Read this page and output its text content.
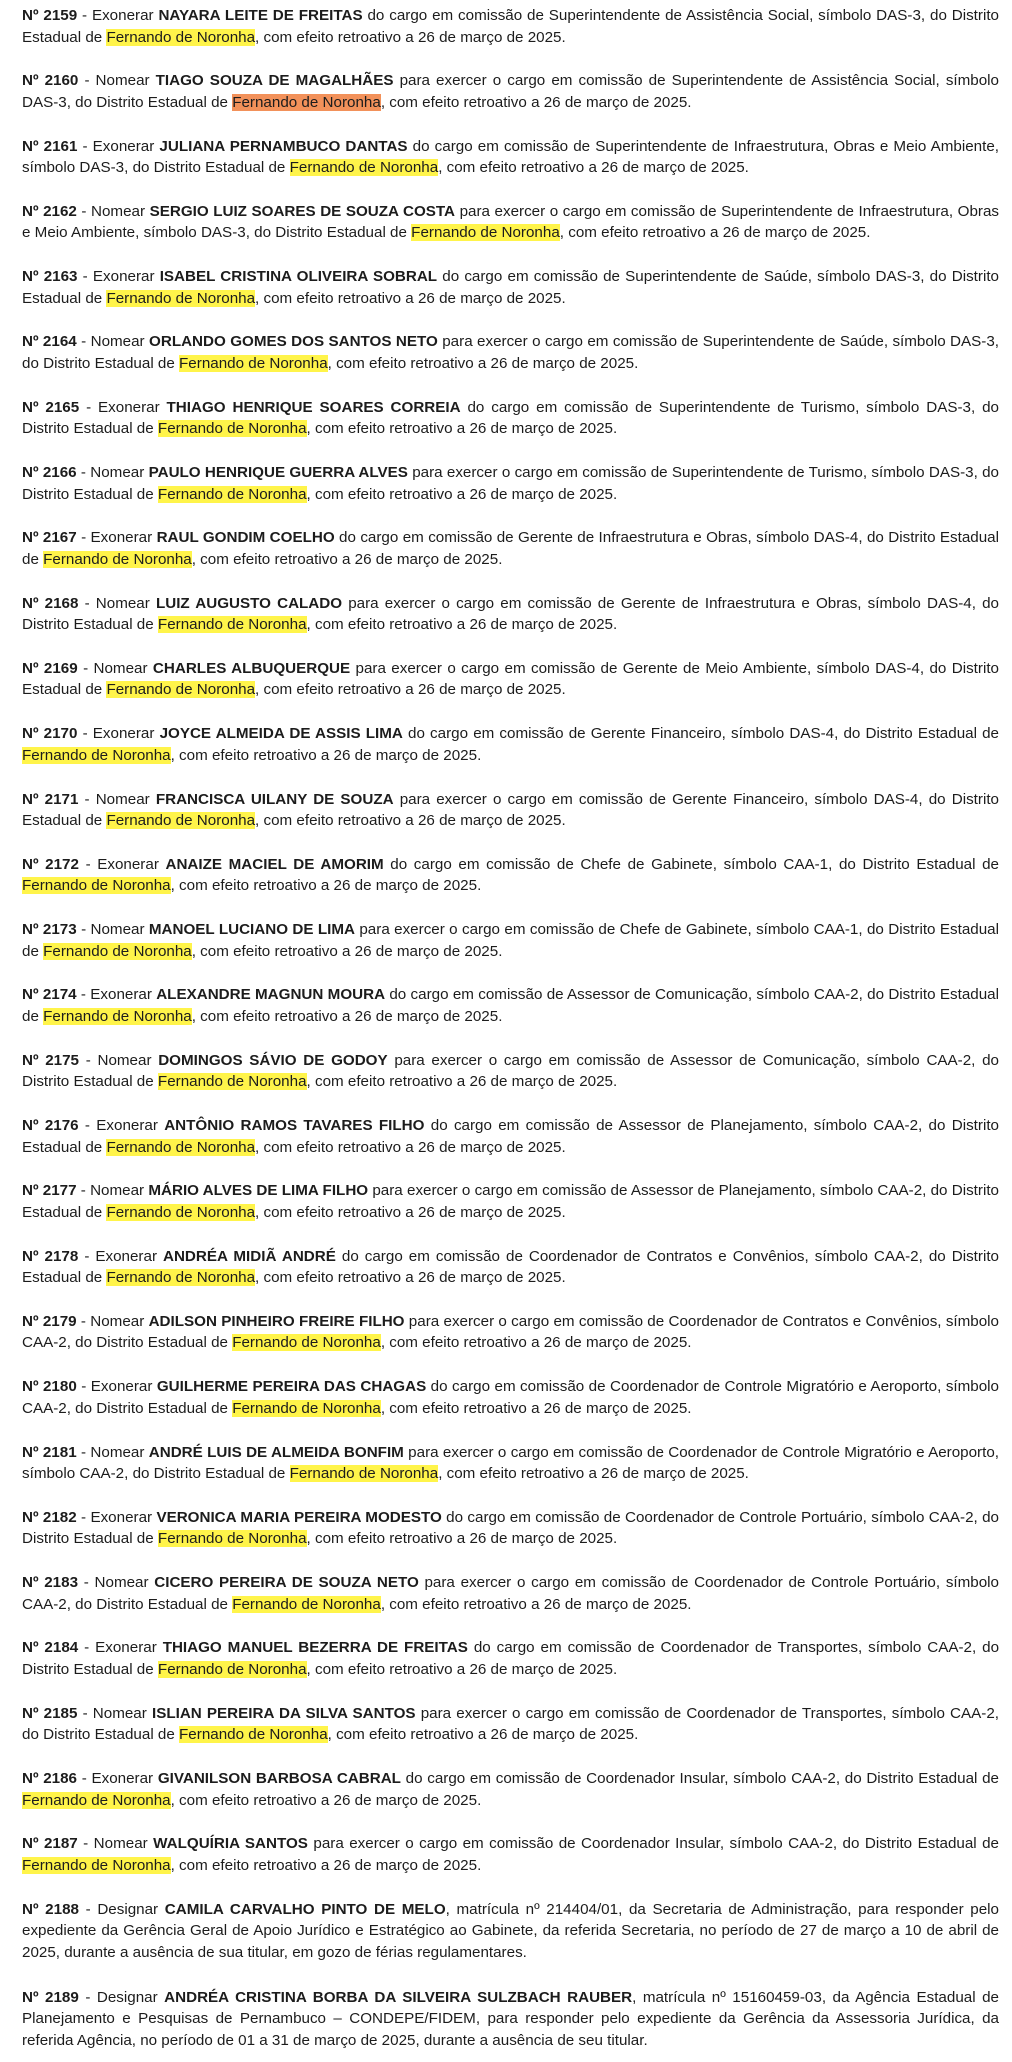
Nº 2159 - Exonerar NAYARA LEITE DE FREITAS do cargo em comissão de Superintendente de Assistência Social, símbolo DAS-3, do Distrito Estadual de Fernando de Noronha, com efeito retroativo a 26 de março de 2025.

Nº 2160 - Nomear TIAGO SOUZA DE MAGALHÃES para exercer o cargo em comissão de Superintendente de Assistência Social, símbolo DAS-3, do Distrito Estadual de Fernando de Noronha, com efeito retroativo a 26 de março de 2025.

Nº 2161 - Exonerar JULIANA PERNAMBUCO DANTAS do cargo em comissão de Superintendente de Infraestrutura, Obras e Meio Ambiente, símbolo DAS-3, do Distrito Estadual de Fernando de Noronha, com efeito retroativo a 26 de março de 2025.

Nº 2162 - Nomear SERGIO LUIZ SOARES DE SOUZA COSTA para exercer o cargo em comissão de Superintendente de Infraestrutura, Obras e Meio Ambiente, símbolo DAS-3, do Distrito Estadual de Fernando de Noronha, com efeito retroativo a 26 de março de 2025.

Nº 2163 - Exonerar ISABEL CRISTINA OLIVEIRA SOBRAL do cargo em comissão de Superintendente de Saúde, símbolo DAS-3, do Distrito Estadual de Fernando de Noronha, com efeito retroativo a 26 de março de 2025.

Nº 2164 - Nomear ORLANDO GOMES DOS SANTOS NETO para exercer o cargo em comissão de Superintendente de Saúde, símbolo DAS-3, do Distrito Estadual de Fernando de Noronha, com efeito retroativo a 26 de março de 2025.

Nº 2165 - Exonerar THIAGO HENRIQUE SOARES CORREIA do cargo em comissão de Superintendente de Turismo, símbolo DAS-3, do Distrito Estadual de Fernando de Noronha, com efeito retroativo a 26 de março de 2025.

Nº 2166 - Nomear PAULO HENRIQUE GUERRA ALVES para exercer o cargo em comissão de Superintendente de Turismo, símbolo DAS-3, do Distrito Estadual de Fernando de Noronha, com efeito retroativo a 26 de março de 2025.

Nº 2167 - Exonerar RAUL GONDIM COELHO do cargo em comissão de Gerente de Infraestrutura e Obras, símbolo DAS-4, do Distrito Estadual de Fernando de Noronha, com efeito retroativo a 26 de março de 2025.

Nº 2168 - Nomear LUIZ AUGUSTO CALADO para exercer o cargo em comissão de Gerente de Infraestrutura e Obras, símbolo DAS-4, do Distrito Estadual de Fernando de Noronha, com efeito retroativo a 26 de março de 2025.

Nº 2169 - Nomear CHARLES ALBUQUERQUE para exercer o cargo em comissão de Gerente de Meio Ambiente, símbolo DAS-4, do Distrito Estadual de Fernando de Noronha, com efeito retroativo a 26 de março de 2025.

Nº 2170 - Exonerar JOYCE ALMEIDA DE ASSIS LIMA do cargo em comissão de Gerente Financeiro, símbolo DAS-4, do Distrito Estadual de Fernando de Noronha, com efeito retroativo a 26 de março de 2025.

Nº 2171 - Nomear FRANCISCA UILANY DE SOUZA para exercer o cargo em comissão de Gerente Financeiro, símbolo DAS-4, do Distrito Estadual de Fernando de Noronha, com efeito retroativo a 26 de março de 2025.

Nº 2172 - Exonerar ANAIZE MACIEL DE AMORIM do cargo em comissão de Chefe de Gabinete, símbolo CAA-1, do Distrito Estadual de Fernando de Noronha, com efeito retroativo a 26 de março de 2025.

Nº 2173 - Nomear MANOEL LUCIANO DE LIMA para exercer o cargo em comissão de Chefe de Gabinete, símbolo CAA-1, do Distrito Estadual de Fernando de Noronha, com efeito retroativo a 26 de março de 2025.

Nº 2174 - Exonerar ALEXANDRE MAGNUN MOURA do cargo em comissão de Assessor de Comunicação, símbolo CAA-2, do Distrito Estadual de Fernando de Noronha, com efeito retroativo a 26 de março de 2025.

Nº 2175 - Nomear DOMINGOS SÁVIO DE GODOY para exercer o cargo em comissão de Assessor de Comunicação, símbolo CAA-2, do Distrito Estadual de Fernando de Noronha, com efeito retroativo a 26 de março de 2025.

Nº 2176 - Exonerar ANTÔNIO RAMOS TAVARES FILHO do cargo em comissão de Assessor de Planejamento, símbolo CAA-2, do Distrito Estadual de Fernando de Noronha, com efeito retroativo a 26 de março de 2025.

Nº 2177 - Nomear MÁRIO ALVES DE LIMA FILHO para exercer o cargo em comissão de Assessor de Planejamento, símbolo CAA-2, do Distrito Estadual de Fernando de Noronha, com efeito retroativo a 26 de março de 2025.

Nº 2178 - Exonerar ANDRÉA MIDIÃ ANDRÉ do cargo em comissão de Coordenador de Contratos e Convênios, símbolo CAA-2, do Distrito Estadual de Fernando de Noronha, com efeito retroativo a 26 de março de 2025.

Nº 2179 - Nomear ADILSON PINHEIRO FREIRE FILHO para exercer o cargo em comissão de Coordenador de Contratos e Convênios, símbolo CAA-2, do Distrito Estadual de Fernando de Noronha, com efeito retroativo a 26 de março de 2025.

Nº 2180 - Exonerar GUILHERME PEREIRA DAS CHAGAS do cargo em comissão de Coordenador de Controle Migratório e Aeroporto, símbolo CAA-2, do Distrito Estadual de Fernando de Noronha, com efeito retroativo a 26 de março de 2025.

Nº 2181 - Nomear ANDRÉ LUIS DE ALMEIDA BONFIM para exercer o cargo em comissão de Coordenador de Controle Migratório e Aeroporto, símbolo CAA-2, do Distrito Estadual de Fernando de Noronha, com efeito retroativo a 26 de março de 2025.

Nº 2182 - Exonerar VERONICA MARIA PEREIRA MODESTO do cargo em comissão de Coordenador de Controle Portuário, símbolo CAA-2, do Distrito Estadual de Fernando de Noronha, com efeito retroativo a 26 de março de 2025.

Nº 2183 - Nomear CICERO PEREIRA DE SOUZA NETO para exercer o cargo em comissão de Coordenador de Controle Portuário, símbolo CAA-2, do Distrito Estadual de Fernando de Noronha, com efeito retroativo a 26 de março de 2025.

Nº 2184 - Exonerar THIAGO MANUEL BEZERRA DE FREITAS do cargo em comissão de Coordenador de Transportes, símbolo CAA-2, do Distrito Estadual de Fernando de Noronha, com efeito retroativo a 26 de março de 2025.

Nº 2185 - Nomear ISLIAN PEREIRA DA SILVA SANTOS para exercer o cargo em comissão de Coordenador de Transportes, símbolo CAA-2, do Distrito Estadual de Fernando de Noronha, com efeito retroativo a 26 de março de 2025.

Nº 2186 - Exonerar GIVANILSON BARBOSA CABRAL do cargo em comissão de Coordenador Insular, símbolo CAA-2, do Distrito Estadual de Fernando de Noronha, com efeito retroativo a 26 de março de 2025.

Nº 2187 - Nomear WALQUÍRIA SANTOS para exercer o cargo em comissão de Coordenador Insular, símbolo CAA-2, do Distrito Estadual de Fernando de Noronha, com efeito retroativo a 26 de março de 2025.

Nº 2188 - Designar CAMILA CARVALHO PINTO DE MELO, matrícula nº 214404/01, da Secretaria de Administração, para responder pelo expediente da Gerência Geral de Apoio Jurídico e Estratégico ao Gabinete, da referida Secretaria, no período de 27 de março a 10 de abril de 2025, durante a ausência de sua titular, em gozo de férias regulamentares.

Nº 2189 - Designar ANDRÉA CRISTINA BORBA DA SILVEIRA SULZBACH RAUBER, matrícula nº 15160459-03, da Agência Estadual de Planejamento e Pesquisas de Pernambuco – CONDEPE/FIDEM, para responder pelo expediente da Gerência da Assessoria Jurídica, da referida Agência, no período de 01 a 31 de março de 2025, durante a ausência de seu titular.
